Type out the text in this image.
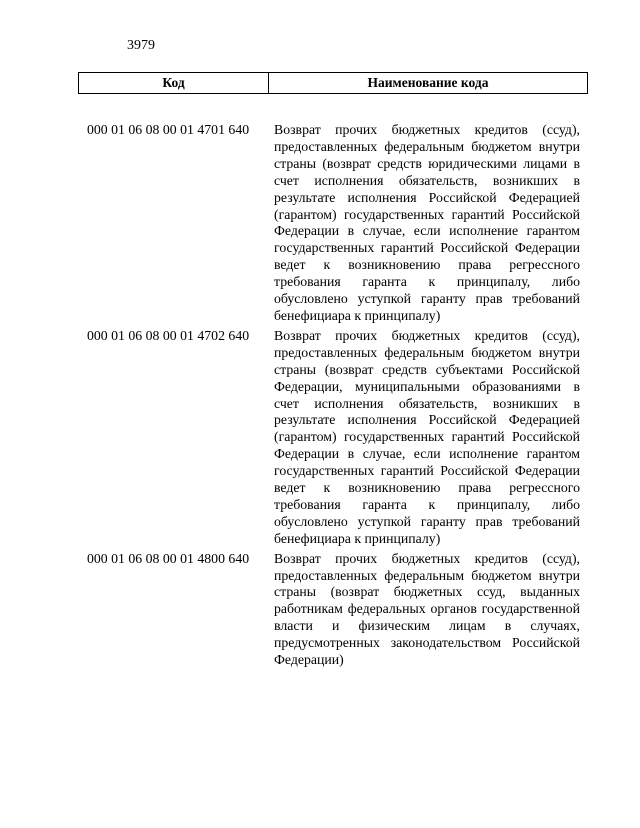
3979
Код	Наименование кода
000 01 06 08 00 01 4701 640	Возврат прочих бюджетных кредитов (ссуд), предоставленных федеральным бюджетом внутри страны (возврат средств юридическими лицами в счет исполнения обязательств, возникших в результате исполнения Российской Федерацией (гарантом) государственных гарантий Российской Федерации в случае, если исполнение гарантом государственных гарантий Российской Федерации ведет к возникновению права регрессного требования гаранта к принципалу, либо обусловлено уступкой гаранту прав требований бенефициара к принципалу)
000 01 06 08 00 01 4702 640	Возврат прочих бюджетных кредитов (ссуд), предоставленных федеральным бюджетом внутри страны (возврат средств субъектами Российской Федерации, муниципальными образованиями в счет исполнения обязательств, возникших в результате исполнения Российской Федерацией (гарантом) государственных гарантий Российской Федерации в случае, если исполнение гарантом государственных гарантий Российской Федерации ведет к возникновению права регрессного требования гаранта к принципалу, либо обусловлено уступкой гаранту прав требований бенефициара к принципалу)
000 01 06 08 00 01 4800 640	Возврат прочих бюджетных кредитов (ссуд), предоставленных федеральным бюджетом внутри страны (возврат бюджетных ссуд, выданных работникам федеральных органов государственной власти и физическим лицам в случаях, предусмотренных законодательством Российской Федерации)
